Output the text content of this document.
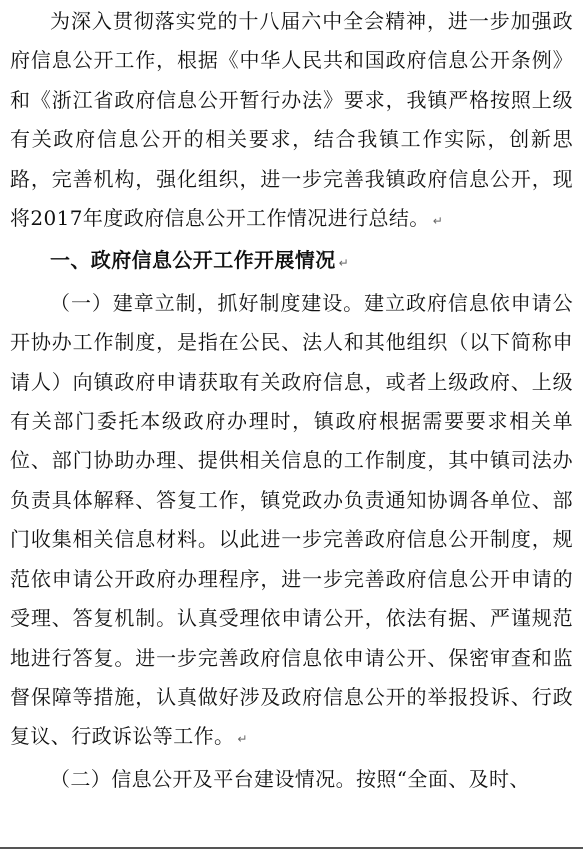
为深入贯彻落实党的十八届六中全会精神，进一步加强政府信息公开工作，根据《中华人民共和国政府信息公开条例》和《浙江省政府信息公开暂行办法》要求，我镇严格按照上级有关政府信息公开的相关要求，结合我镇工作实际，创新思路，完善机构，强化组织，进一步完善我镇政府信息公开，现将2017年度政府信息公开工作情况进行总结。 ↵

一、政府信息公开工作开展情况 ↵

（一）建章立制，抓好制度建设。建立政府信息依申请公开协办工作制度，是指在公民、法人和其他组织（以下简称申请人）向镇政府申请获取有关政府信息，或者上级政府、上级有关部门委托本级政府办理时，镇政府根据需要要求相关单位、部门协助办理、提供相关信息的工作制度，其中镇司法办负责具体解释、答复工作，镇党政办负责通知协调各单位、部门收集相关信息材料。以此进一步完善政府信息公开制度，规范依申请公开政府办理程序，进一步完善政府信息公开申请的受理、答复机制。认真受理依申请公开，依法有据、严谨规范地进行答复。进一步完善政府信息依申请公开、保密审查和监督保障等措施，认真做好涉及政府信息公开的举报投诉、行政复议、行政诉讼等工作。 ↵

（二）信息公开及平台建设情况。按照“全面、及时、
